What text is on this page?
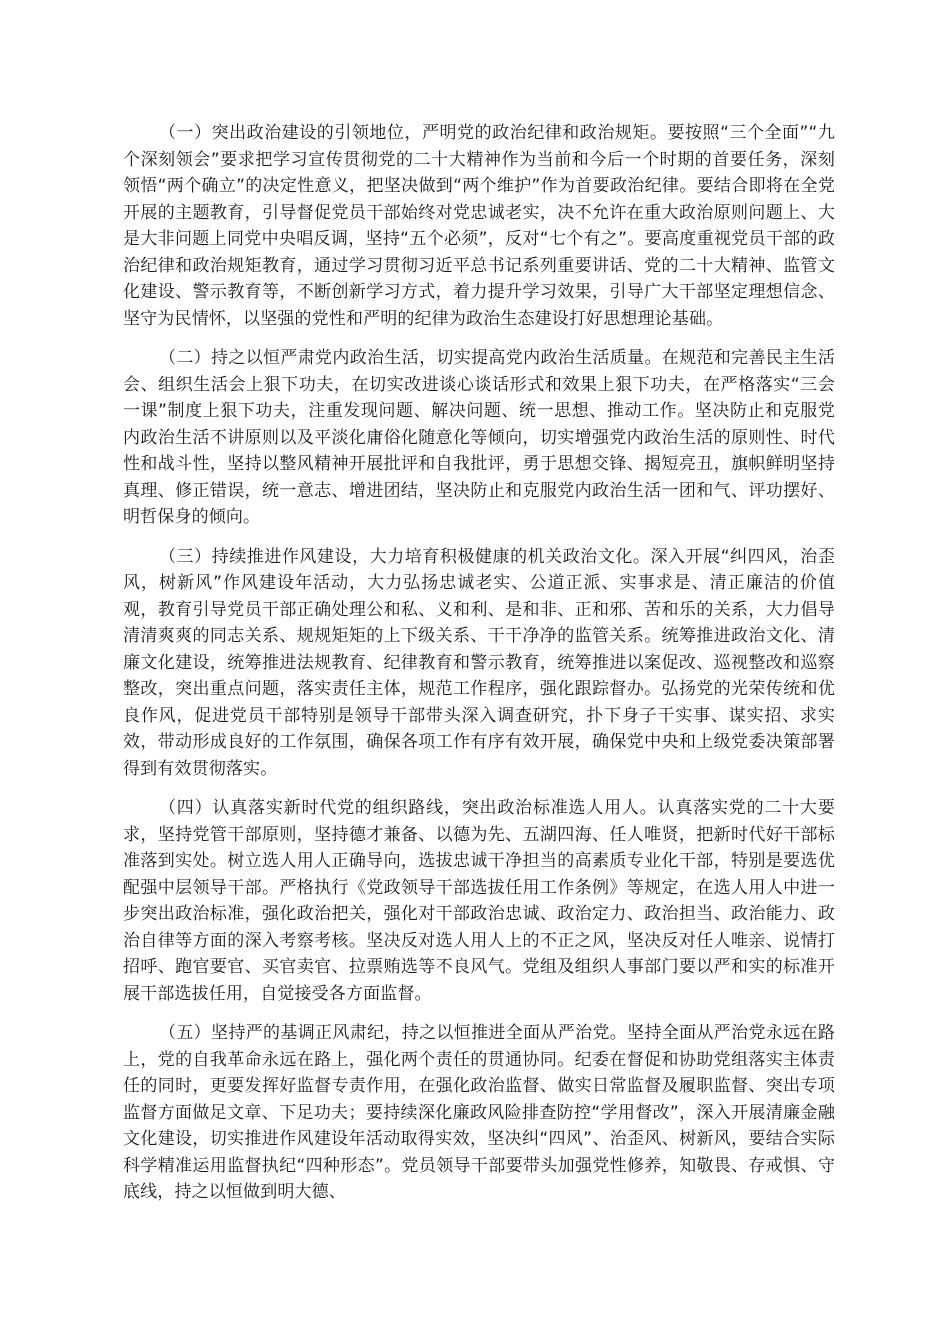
（一）突出政治建设的引领地位，严明党的政治纪律和政治规矩。要按照“三个全面”“九个深刻领会”要求把学习宣传贯彻党的二十大精神作为当前和今后一个时期的首要任务，深刻领悟“两个确立”的决定性意义，把坚决做到“两个维护”作为首要政治纪律。要结合即将在全党开展的主题教育，引导督促党员干部始终对党忠诚老实，决不允许在重大政治原则问题上、大是大非问题上同党中央唱反调，坚持“五个必须”，反对“七个有之”。要高度重视党员干部的政治纪律和政治规矩教育，通过学习贯彻习近平总书记系列重要讲话、党的二十大精神、监管文化建设、警示教育等，不断创新学习方式，着力提升学习效果，引导广大干部坚定理想信念、坚守为民情怀，以坚强的党性和严明的纪律为政治生态建设打好思想理论基础。

（二）持之以恒严肃党内政治生活，切实提高党内政治生活质量。在规范和完善民主生活会、组织生活会上狠下功夫，在切实改进谈心谈话形式和效果上狠下功夫，在严格落实“三会一课”制度上狠下功夫，注重发现问题、解决问题、统一思想、推动工作。坚决防止和克服党内政治生活不讲原则以及平淡化庸俗化随意化等倾向，切实增强党内政治生活的原则性、时代性和战斗性，坚持以整风精神开展批评和自我批评，勇于思想交锋、揭短亮丑，旗帜鲜明坚持真理、修正错误，统一意志、增进团结，坚决防止和克服党内政治生活一团和气、评功摆好、明哲保身的倾向。

（三）持续推进作风建设，大力培育积极健康的机关政治文化。深入开展“纠四风，治歪风，树新风”作风建设年活动，大力弘扬忠诚老实、公道正派、实事求是、清正廉洁的价值观，教育引导党员干部正确处理公和私、义和利、是和非、正和邪、苦和乐的关系，大力倡导清清爽爽的同志关系、规规矩矩的上下级关系、干干净净的监管关系。统筹推进政治文化、清廉文化建设，统筹推进法规教育、纪律教育和警示教育，统筹推进以案促改、巡视整改和巡察整改，突出重点问题，落实责任主体，规范工作程序，强化跟踪督办。弘扬党的光荣传统和优良作风，促进党员干部特别是领导干部带头深入调查研究，扑下身子干实事、谋实招、求实效，带动形成良好的工作氛围，确保各项工作有序有效开展，确保党中央和上级党委决策部署得到有效贯彻落实。

（四）认真落实新时代党的组织路线，突出政治标准选人用人。认真落实党的二十大要求，坚持党管干部原则，坚持德才兼备、以德为先、五湖四海、任人唯贤，把新时代好干部标准落到实处。树立选人用人正确导向，选拔忠诚干净担当的高素质专业化干部，特别是要选优配强中层领导干部。严格执行《党政领导干部选拔任用工作条例》等规定，在选人用人中进一步突出政治标准，强化政治把关，强化对干部政治忠诚、政治定力、政治担当、政治能力、政治自律等方面的深入考察考核。坚决反对选人用人上的不正之风，坚决反对任人唯亲、说情打招呼、跑官要官、买官卖官、拉票贿选等不良风气。党组及组织人事部门要以严和实的标准开展干部选拔任用，自觉接受各方面监督。

（五）坚持严的基调正风肃纪，持之以恒推进全面从严治党。坚持全面从严治党永远在路上，党的自我革命永远在路上，强化两个责任的贯通协同。纪委在督促和协助党组落实主体责任的同时，更要发挥好监督专责作用，在强化政治监督、做实日常监督及履职监督、突出专项监督方面做足文章、下足功夫；要持续深化廉政风险排查防控“学用督改”，深入开展清廉金融文化建设，切实推进作风建设年活动取得实效，坚决纠“四风”、治歪风、树新风，要结合实际科学精准运用监督执纪“四种形态”。党员领导干部要带头加强党性修养，知敬畏、存戒惧、守底线，持之以恒做到明大德、
